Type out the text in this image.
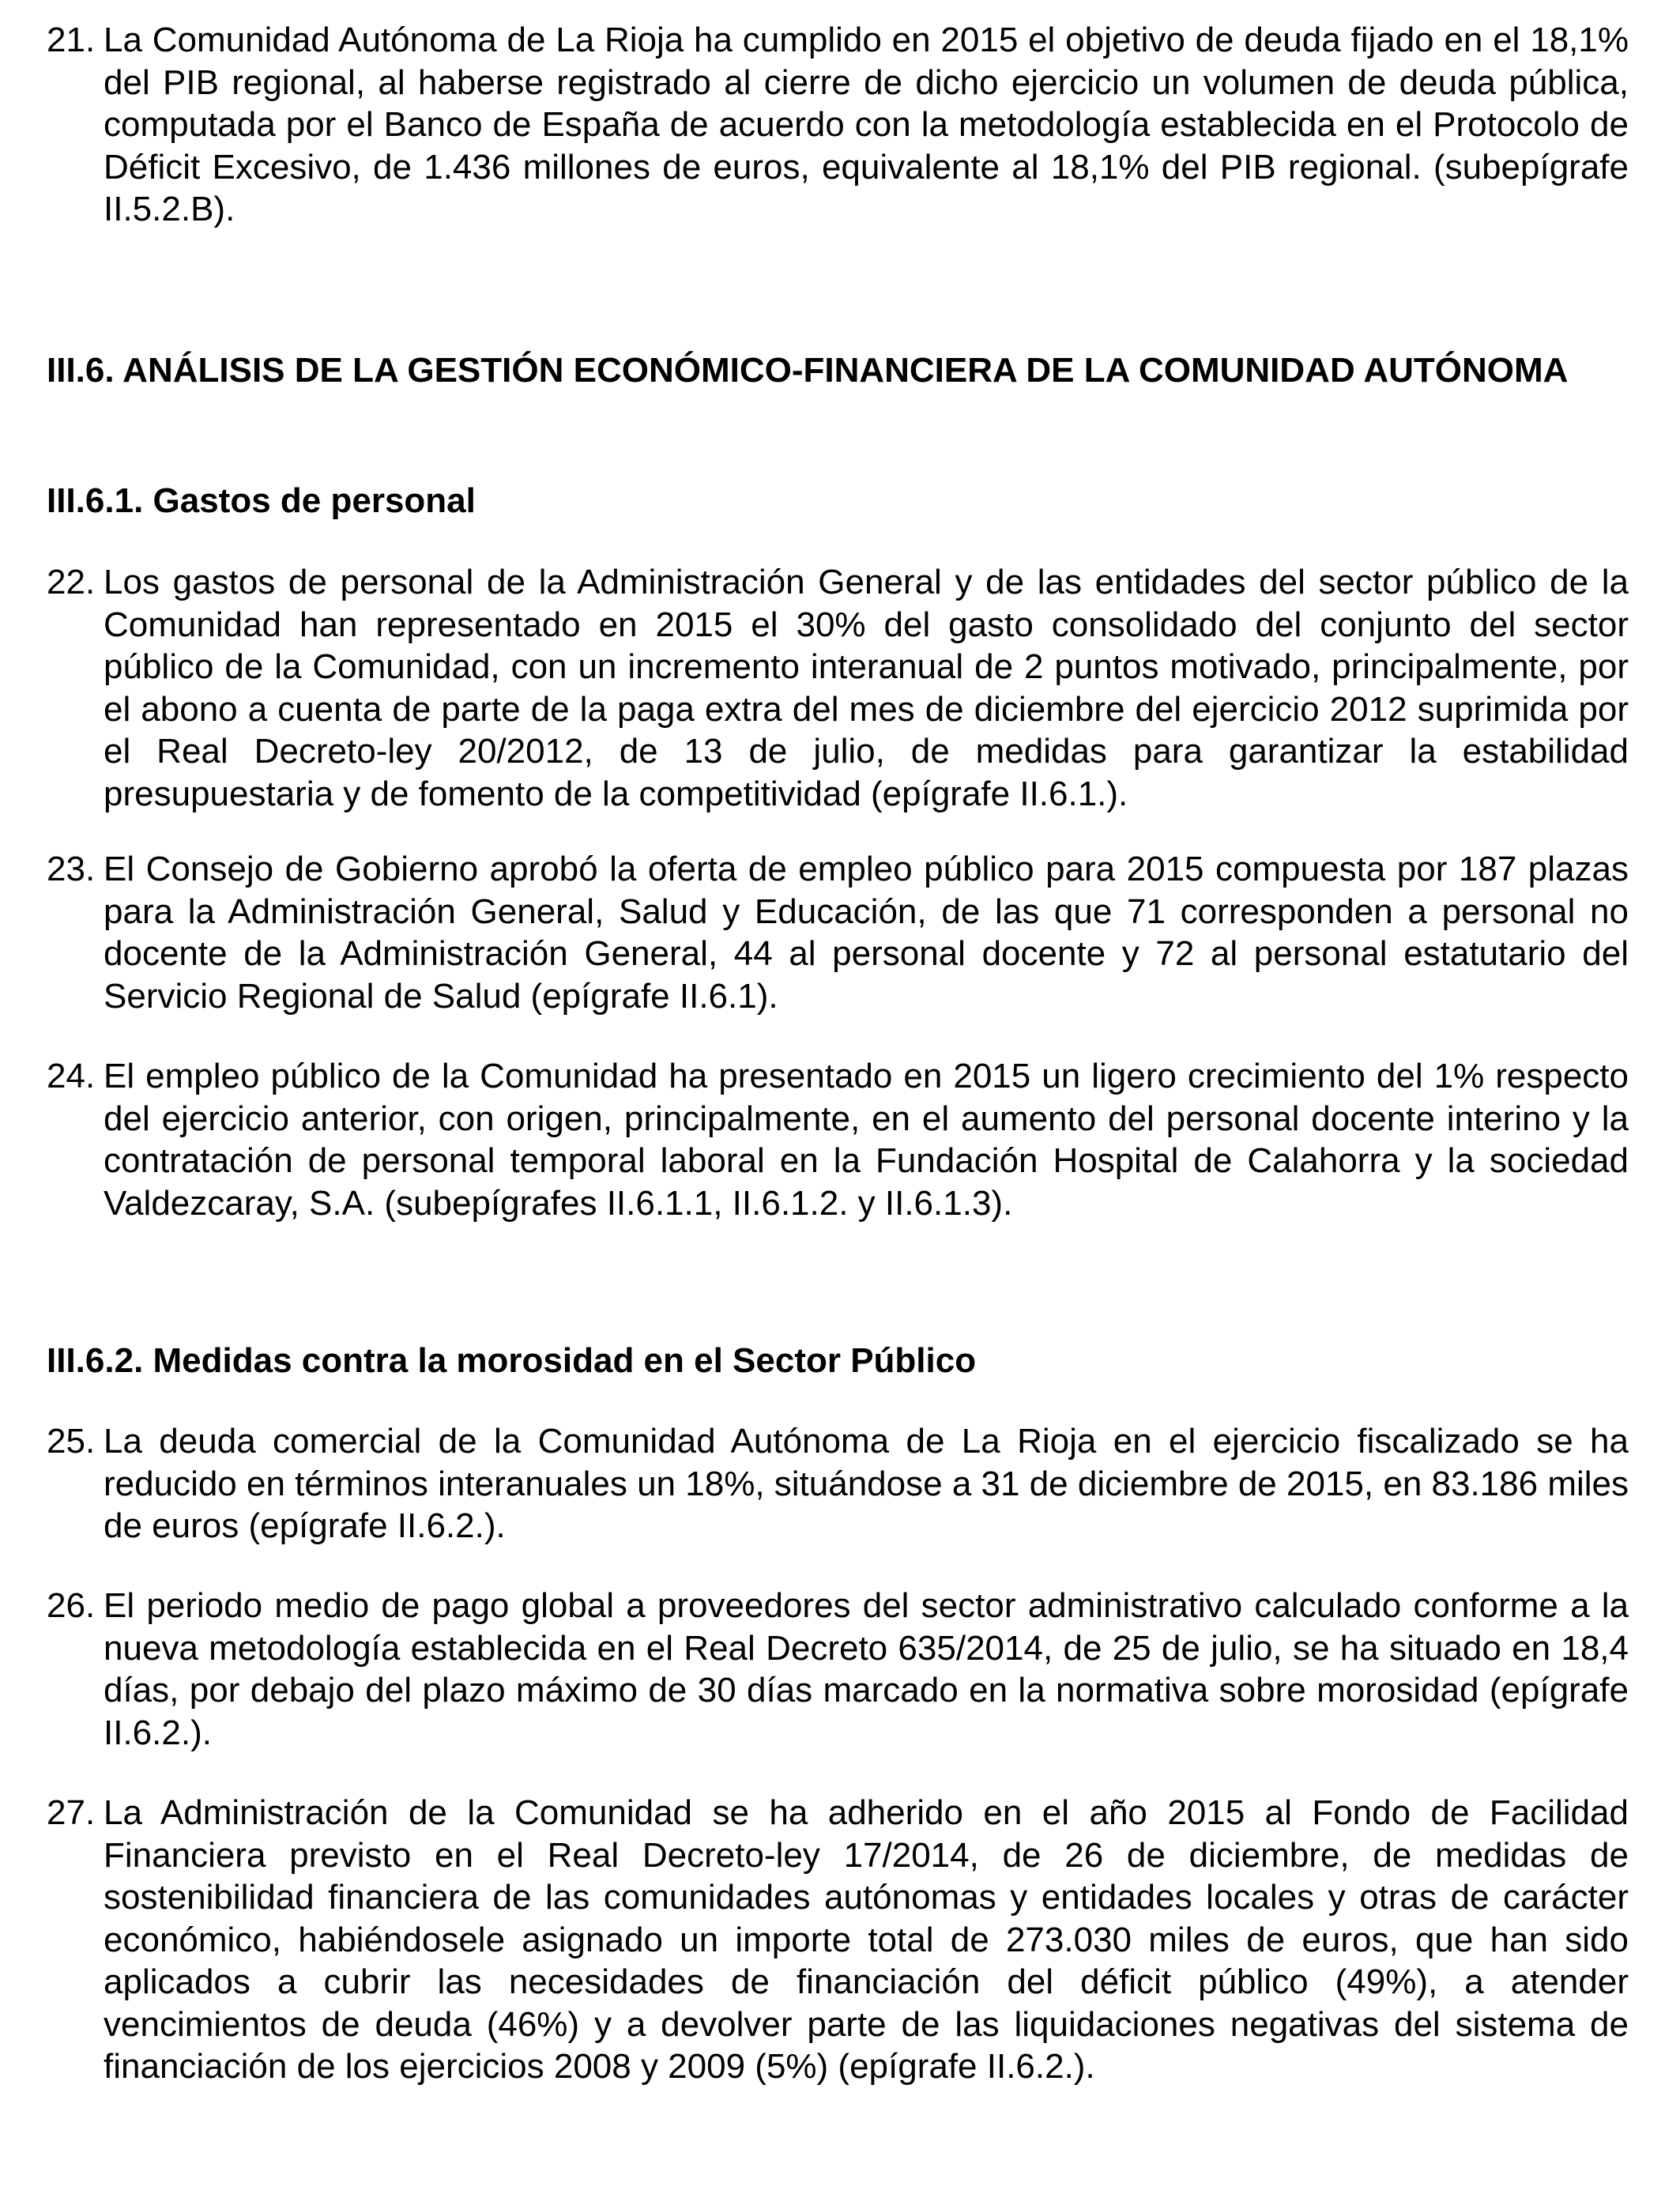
21. La Comunidad Autónoma de La Rioja ha cumplido en 2015 el objetivo de deuda fijado en el 18,1% del PIB regional, al haberse registrado al cierre de dicho ejercicio un volumen de deuda pública, computada por el Banco de España de acuerdo con la metodología establecida en el Protocolo de Déficit Excesivo, de 1.436 millones de euros, equivalente al 18,1% del PIB regional. (subepígrafe II.5.2.B).
III.6. ANÁLISIS DE LA GESTIÓN ECONÓMICO-FINANCIERA DE LA COMUNIDAD AUTÓNOMA
III.6.1. Gastos de personal
22. Los gastos de personal de la Administración General y de las entidades del sector público de la Comunidad han representado en 2015 el 30% del gasto consolidado del conjunto del sector público de la Comunidad, con un incremento interanual de 2 puntos motivado, principalmente, por el abono a cuenta de parte de la paga extra del mes de diciembre del ejercicio 2012 suprimida por el Real Decreto-ley 20/2012, de 13 de julio, de medidas para garantizar la estabilidad presupuestaria y de fomento de la competitividad (epígrafe II.6.1.).
23. El Consejo de Gobierno aprobó la oferta de empleo público para 2015 compuesta por 187 plazas para la Administración General, Salud y Educación, de las que 71 corresponden a personal no docente de la Administración General, 44 al personal docente y 72 al personal estatutario del Servicio Regional de Salud (epígrafe II.6.1).
24. El empleo público de la Comunidad ha presentado en 2015 un ligero crecimiento del 1% respecto del ejercicio anterior, con origen, principalmente, en el aumento del personal docente interino y la contratación de personal temporal laboral en la Fundación Hospital de Calahorra y la sociedad Valdezcaray, S.A. (subepígrafes II.6.1.1, II.6.1.2. y II.6.1.3).
III.6.2. Medidas contra la morosidad en el Sector Público
25. La deuda comercial de la Comunidad Autónoma de La Rioja en el ejercicio fiscalizado se ha reducido en términos interanuales un 18%, situándose a 31 de diciembre de 2015, en 83.186 miles de euros (epígrafe II.6.2.).
26. El periodo medio de pago global a proveedores del sector administrativo calculado conforme a la nueva metodología establecida en el Real Decreto 635/2014, de 25 de julio, se ha situado en 18,4 días, por debajo del plazo máximo de 30 días marcado en la normativa sobre morosidad (epígrafe II.6.2.).
27. La Administración de la Comunidad se ha adherido en el año 2015 al Fondo de Facilidad Financiera previsto en el Real Decreto-ley 17/2014, de 26 de diciembre, de medidas de sostenibilidad financiera de las comunidades autónomas y entidades locales y otras de carácter económico, habiéndosele asignado un importe total de 273.030 miles de euros, que han sido aplicados a cubrir las necesidades de financiación del déficit público (49%), a atender vencimientos de deuda (46%) y a devolver parte de las liquidaciones negativas del sistema de financiación de los ejercicios 2008 y 2009 (5%) (epígrafe II.6.2.).
